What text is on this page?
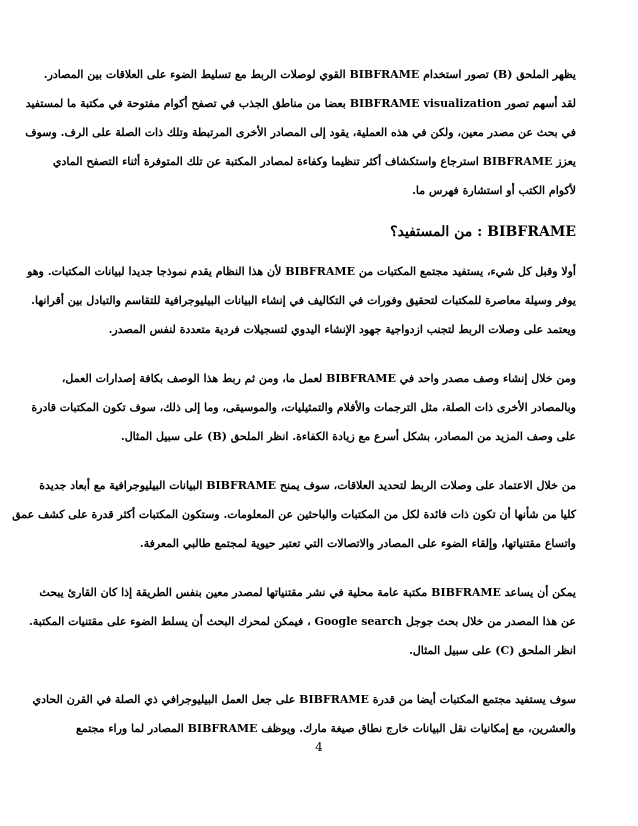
يظهر الملحق (B) تصور استخدام BIBFRAME القوي لوصلات الربط مع تسليط الضوء على العلاقات بين المصادر.
لقد أسهم تصور BIBFRAME visualization بعضا من مناطق الجذب في تصفح أكوام مفتوحة في مكتبة ما لمستفيد
في بحث عن مصدر معين، ولكن في هذه العملية، يقود إلى المصادر الأخرى المرتبطة وتلك ذات الصلة على الرف. وسوف
يعزز BIBFRAME استرجاع واستكشاف أكثر تنظيما وكفاءة لمصادر المكتبة عن تلك المتوفرة أثناء التصفح المادي
لأكوام الكتب أو استشارة فهرس ما.
BIBFRAME : من المستفيد؟
أولا وقبل كل شيء، يستفيد مجتمع المكتبات من BIBFRAME لأن هذا النظام يقدم نموذجا جديدا لبيانات المكتبات. وهو
يوفر وسيلة معاصرة للمكتبات لتحقيق وفورات في التكاليف في إنشاء البيانات البيليوجرافية للتقاسم والتبادل بين أقرانها.
ويعتمد على وصلات الربط لتجنب ازدواجية جهود الإنشاء اليدوي لتسجيلات فردية متعددة لنفس المصدر.
ومن خلال إنشاء وصف مصدر واحد في BIBFRAME لعمل ما، ومن ثم ربط هذا الوصف بكافة إصدارات العمل،
وبالمصادر الأخرى ذات الصلة، مثل الترجمات والأفلام والتمثيليات، والموسيقى، وما إلى ذلك، سوف تكون المكتبات قادرة
على وصف المزيد من المصادر، بشكل أسرع مع زيادة الكفاءة. انظر الملحق (B) على سبيل المثال.
من خلال الاعتماد على وصلات الربط لتحديد العلاقات، سوف يمنح BIBFRAME البيانات البيليوجرافية مع أبعاد جديدة
كليا من شأنها أن تكون ذات فائدة لكل من المكتبات والباحثين عن المعلومات. وستكون المكتبات أكثر قدرة على كشف عمق
واتساع مقتنياتها، وإلقاء الضوء على المصادر والاتصالات التي تعتبر حيوية لمجتمع طالبي المعرفة.
يمكن أن يساعد BIBFRAME مكتبة عامة محلية في نشر مقتنياتها لمصدر معين بنفس الطريقة إذا كان القارئ يبحث
عن هذا المصدر من خلال بحث جوجل Google search ، فيمكن لمحرك البحث أن يسلط الضوء على مقتنيات المكتبة.
انظر الملحق (C) على سبيل المثال.
سوف يستفيد مجتمع المكتبات أيضا من قدرة BIBFRAME على جعل العمل البيليوجرافي ذي الصلة في القرن الحادي
والعشرين، مع إمكانيات نقل البيانات خارج نطاق صيغة مارك. ويوظف BIBFRAME المصادر لما وراء مجتمع
4
